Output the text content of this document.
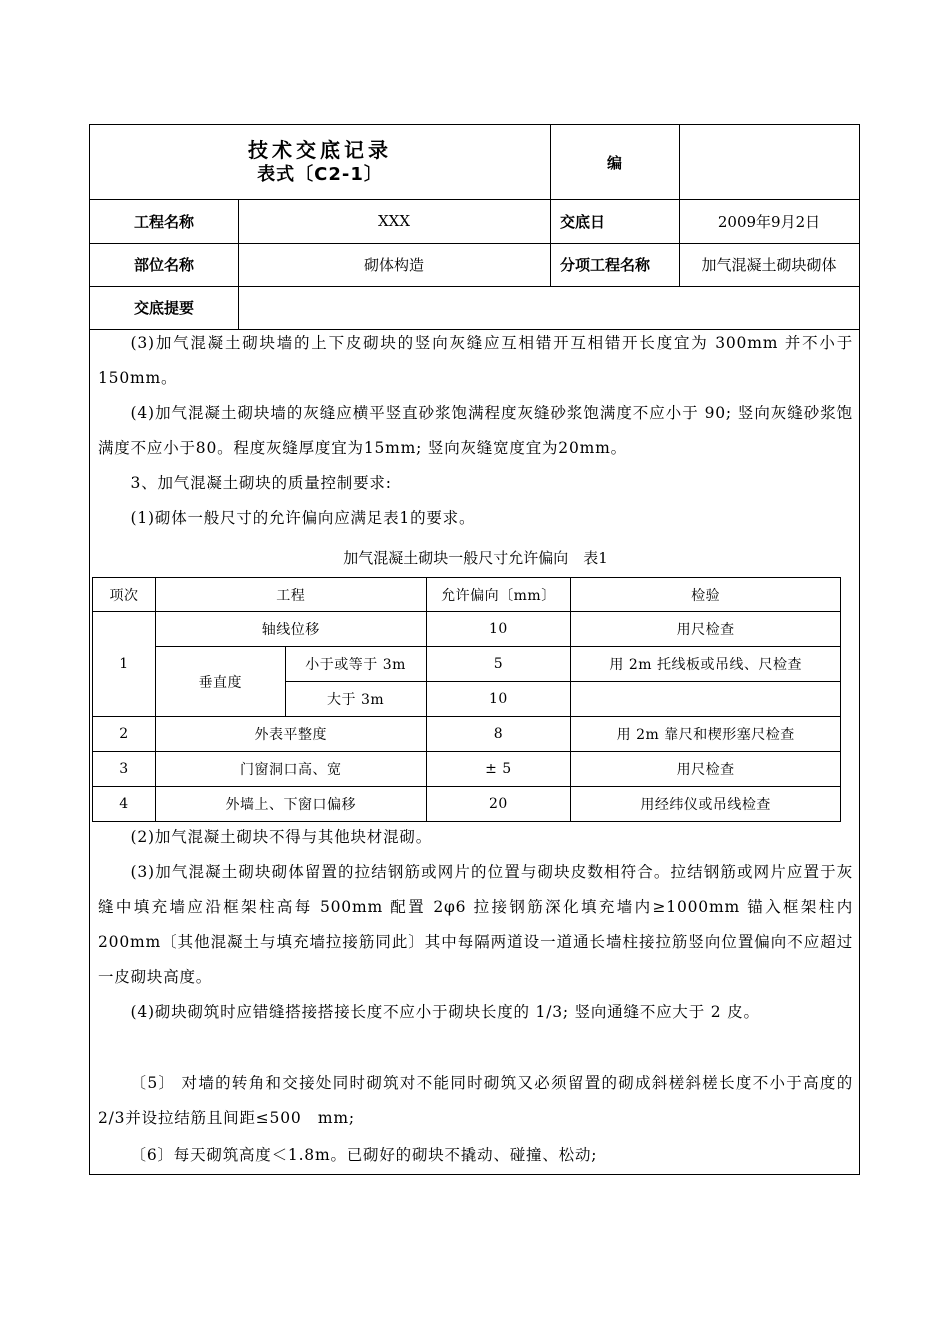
技术交底记录
表式〔C2-1〕
编
工程名称	XXX	交底日	2009年9月2日
部位名称	砌体构造	分项工程名称	加气混凝土砌块砌体
交底提要
(3)加气混凝土砌块墙的上下皮砌块的竖向灰缝应互相错开互相错开长度宜为 300mm 并不小于150mm。
(4)加气混凝土砌块墙的灰缝应横平竖直砂浆饱满程度灰缝砂浆饱满度不应小于 90; 竖向灰缝砂浆饱满度不应小于80。程度灰缝厚度宜为15mm; 竖向灰缝宽度宜为20mm。
3、加气混凝土砌块的质量控制要求:
(1)砌体一般尺寸的允许偏向应满足表1的要求。
加气混凝土砌块一般尺寸允许偏向　表1
项次	工程		允许偏向〔mm〕	检验
1	轴线位移		10	用尺检查
	垂直度	小于或等于 3m	5	用 2m 托线板或吊线、尺检查
		大于 3m	10	
2	外表平整度		8	用 2m 靠尺和楔形塞尺检查
3	门窗洞口高、宽		± 5	用尺检查
4	外墙上、下窗口偏移		20	用经纬仪或吊线检查
(2)加气混凝土砌块不得与其他块材混砌。
(3)加气混凝土砌块砌体留置的拉结钢筋或网片的位置与砌块皮数相符合。拉结钢筋或网片应置于灰缝中填充墙应沿框架柱高每 500mm 配置 2φ6 拉接钢筋深化填充墙内≥1000mm 锚入框架柱内 200mm〔其他混凝土与填充墙拉接筋同此〕其中每隔两道设一道通长墙柱接拉筋竖向位置偏向不应超过一皮砌块高度。
(4)砌块砌筑时应错缝搭接搭接长度不应小于砌块长度的 1/3; 竖向通缝不应大于 2 皮。
〔5〕 对墙的转角和交接处同时砌筑对不能同时砌筑又必须留置的砌成斜槎斜槎长度不小于高度的2/3并设拉结筋且间距≤500　mm;
〔6〕每天砌筑高度＜1.8m。已砌好的砌块不撬动、碰撞、松动;
